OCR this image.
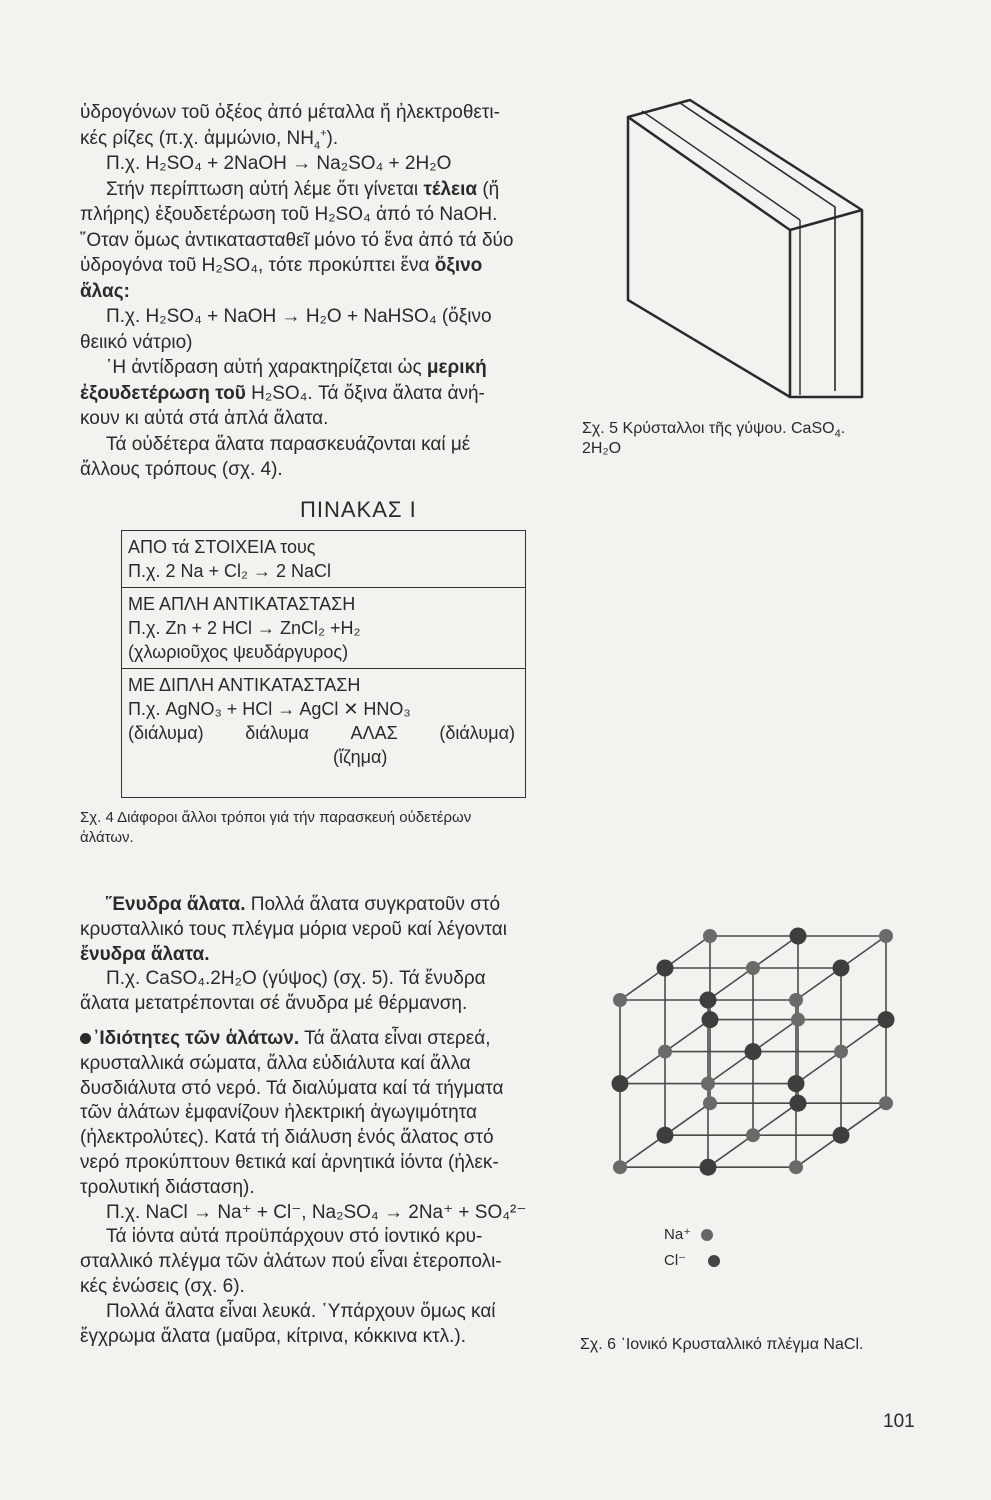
ὑδρογόνων τοῦ ὀξέος ἀπό μέταλλα ἤ ἠλεκτροθετι-

κές ρίζες (π.χ. ἀμμώνιο, $NH_4^+$).

Π.χ. H₂SO₄ + 2NaOH → Na₂SO₄ + 2H₂O

Στήν περίπτωση αὐτή λέμε ὅτι γίνεται τέλεια (ἤ

πλήρης) ἐξουδετέρωση τοῦ H₂SO₄ ἀπό τό NaOH.

῞Οταν ὅμως ἀντικατασταθεῖ μόνο τό ἕνα ἀπό τά δύο

ὑδρογόνα τοῦ H₂SO₄, τότε προκύπτει ἕνα ὄξινο

ἅλας:

Π.χ. H₂SO₄ + NaOH → H₂O + NaHSO₄ (ὄξινο

θειικό νάτριο)

῾Η ἀντίδραση αὐτή χαρακτηρίζεται ὡς μερική

ἐξουδετέρωση τοῦ H₂SO₄. Τά ὄξινα ἅλατα ἀνή-

κουν κι αὐτά στά ἁπλά ἅλατα.

Τά οὐδέτερα ἅλατα παρασκευάζονται καί μέ

ἄλλους τρόπους (σχ. 4).

Σχ. 5 Κρύσταλλοι τῆς γύψου. CaSO$_4$.
2H₂O
ΠΙΝΑΚΑΣ Ι
ΑΠΟ τά ΣΤΟΙΧΕΙΑ τους
Π.χ. 2 Na + Cl₂ → 2 NaCl
ΜΕ ΑΠΛΗ ΑΝΤΙΚΑΤΑΣΤΑΣΗ
Π.χ. Zn + 2 HCl → ZnCl₂ +H₂
(χλωριοῦχος ψευδάργυρος)
ΜΕ ΔΙΠΛΗ ΑΝΤΙΚΑΤΑΣΤΑΣΗ
Π.χ. AgNO₃ + HCl → AgCl ✕ HNO₃
(διάλυμα) διάλυμα ΑΛΑΣ (διάλυμα)
(ἴζημα)
Σχ. 4 Διάφοροι ἄλλοι τρόποι γιά τήν παρασκευή οὐδετέρων
ἁλάτων.

῞Ενυδρα ἅλατα. Πολλά ἅλατα συγκρατοῦν στό

κρυσταλλικό τους πλέγμα μόρια νεροῦ καί λέγονται

ἔνυδρα ἅλατα.

Π.χ. CaSO₄.2H₂O (γύψος) (σχ. 5). Τά ἔνυδρα

ἅλατα μετατρέπονται σέ ἄνυδρα μέ θέρμανση.

᾿Ιδιότητες τῶν ἁλάτων. Τά ἅλατα εἶναι στερεά,

κρυσταλλικά σώματα, ἄλλα εὐδιάλυτα καί ἄλλα

δυσδιάλυτα στό νερό. Τά διαλύματα καί τά τήγματα

τῶν ἁλάτων ἐμφανίζουν ἠλεκτρική ἀγωγιμότητα

(ἠλεκτρολύτες). Κατά τή διάλυση ἑνός ἅλατος στό

νερό προκύπτουν θετικά καί ἀρνητικά ἰόντα (ἠλεκ-

τρολυτική διάσταση).

Π.χ. NaCl → Na⁺ + Cl⁻, Na₂SO₄ → 2Na⁺ + SO₄²⁻

Τά ἰόντα αὐτά προϋπάρχουν στό ἰοντικό κρυ-

σταλλικό πλέγμα τῶν ἁλάτων πού εἶναι ἑτεροπολι-

κές ἑνώσεις (σχ. 6).

Πολλά ἅλατα εἶναι λευκά. ῾Υπάρχουν ὅμως καί

ἔγχρωμα ἅλατα (μαῦρα, κίτρινα, κόκκινα κτλ.).

Na⁺
Cl⁻
Σχ. 6 ᾿Ιονικό Κρυσταλλικό πλέγμα NaCl.
101
